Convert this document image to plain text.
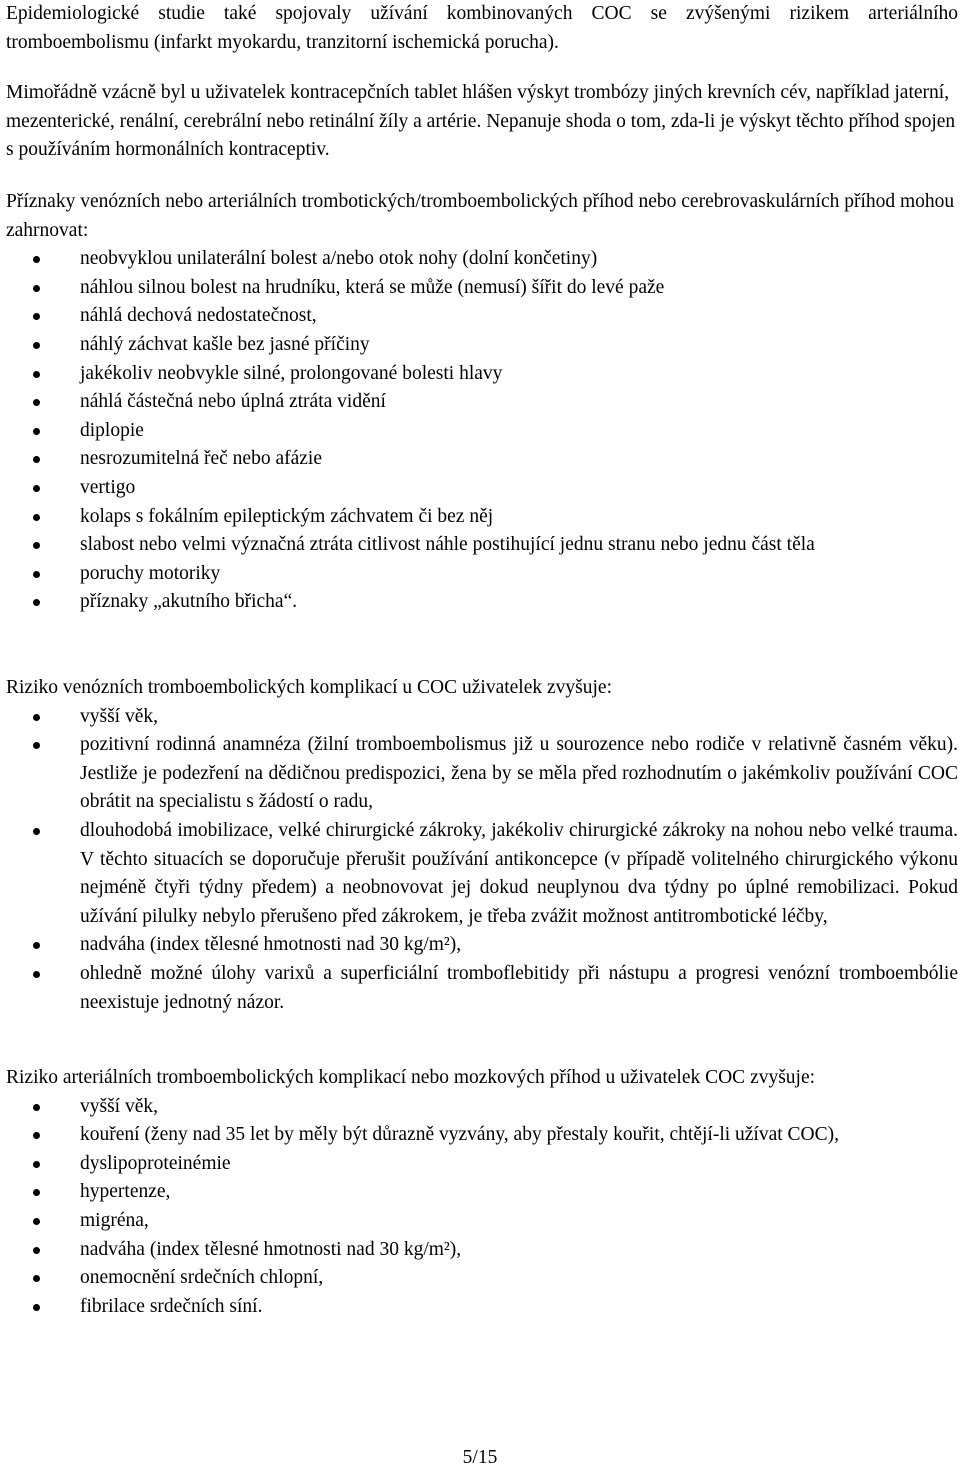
Epidemiologické studie také spojovaly užívání kombinovaných COC se zvýšenými rizikem arteriálního tromboembolismu (infarkt myokardu, tranzitorní ischemická porucha).

Mimořádně vzácně byl u uživatelek kontracepčních tablet hlášen výskyt trombózy jiných krevních cév, například jaterní, mezenterické, renální, cerebrální nebo retinální žíly a artérie. Nepanuje shoda o tom, zda-li je výskyt těchto příhod spojen s používáním hormonálních kontraceptiv.

Příznaky venózních nebo arteriálních trombotických/tromboembolických příhod nebo cerebrovaskulárních příhod mohou zahrnovat:

neobvyklou unilaterální bolest a/nebo otok nohy (dolní končetiny)
náhlou silnou bolest na hrudníku, která se může (nemusí) šířit do levé paže
náhlá dechová nedostatečnost,
náhlý záchvat kašle bez jasné příčiny
jakékoliv neobvykle silné, prolongované bolesti hlavy
náhlá částečná nebo úplná ztráta vidění
diplopie
nesrozumitelná řeč nebo afázie
vertigo
kolaps s fokálním epileptickým záchvatem či bez něj
slabost nebo velmi význačná ztráta citlivost náhle postihující jednu stranu nebo jednu část těla
poruchy motoriky
příznaky „akutního břicha“.

Riziko venózních tromboembolických komplikací u COC uživatelek zvyšuje:

vyšší věk,
pozitivní rodinná anamnéza (žilní tromboembolismus již u sourozence nebo rodiče v relativně časném věku). Jestliže je podezření na dědičnou predispozici, žena by se měla před rozhodnutím o jakémkoliv používání COC obrátit na specialistu s žádostí o radu,
dlouhodobá imobilizace, velké chirurgické zákroky, jakékoliv chirurgické zákroky na nohou nebo velké trauma. V těchto situacích se doporučuje přerušit používání antikoncepce (v případě volitelného chirurgického výkonu nejméně čtyři týdny předem) a neobnovovat jej dokud neuplynou dva týdny po úplné remobilizaci. Pokud užívání pilulky nebylo přerušeno před zákrokem, je třeba zvážit možnost antitrombotické léčby,
nadváha (index tělesné hmotnosti nad 30 kg/m²),
ohledně možné úlohy varixů a superficiální tromboflebitidy při nástupu a progresi venózní tromboembólie neexistuje jednotný názor.

Riziko arteriálních tromboembolických komplikací nebo mozkových příhod u uživatelek COC zvyšuje:

vyšší věk,
kouření (ženy nad 35 let by měly být důrazně vyzvány, aby přestaly kouřit, chtějí-li užívat COC),
dyslipoproteinémie
hypertenze,
migréna,
nadváha (index tělesné hmotnosti nad 30 kg/m²),
onemocnění srdečních chlopní,
fibrilace srdečních síní.
5/15
